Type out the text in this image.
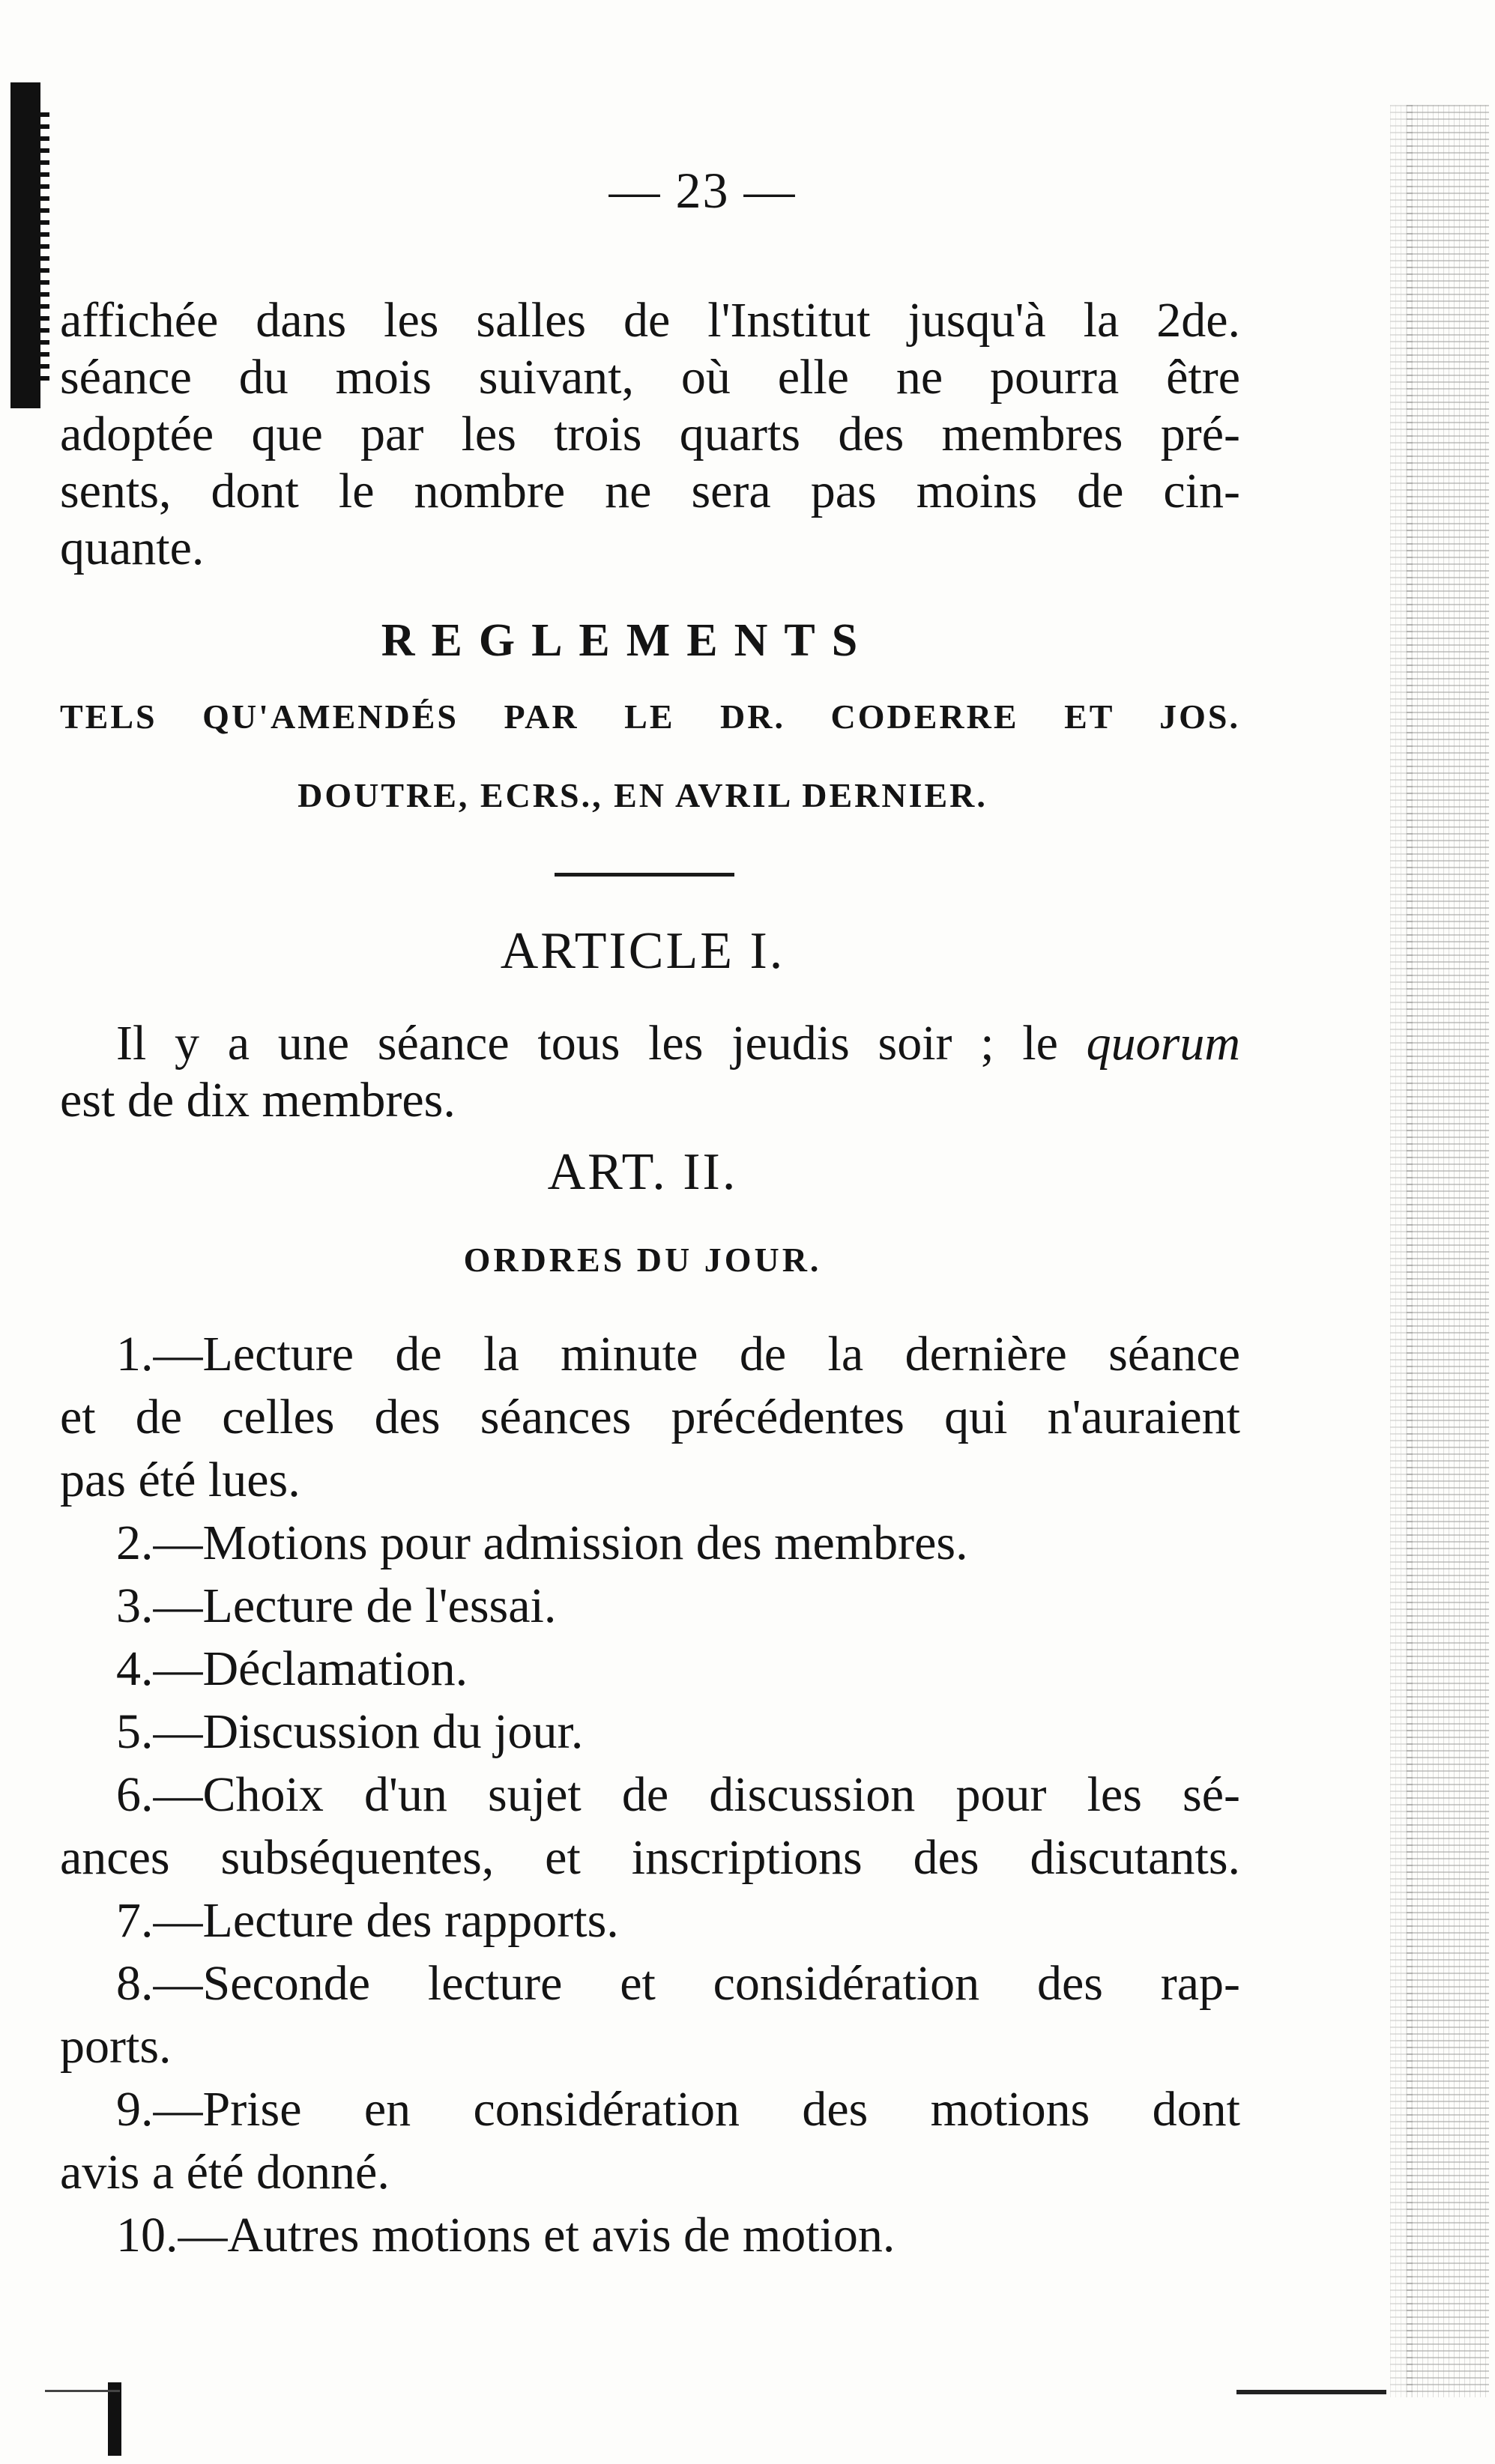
— 23 —
affichée dans les salles de l'Institut jusqu'à la 2de.
séance du mois suivant, où elle ne pourra être
adoptée que par les trois quarts des membres pré-
sents, dont le nombre ne sera pas moins de cin-
quante.
REGLEMENTS
TELS QU'AMENDÉS PAR LE DR. CODERRE ET JOS.
DOUTRE, ECRS., EN AVRIL DERNIER.
ARTICLE I.
Il y a une séance tous les jeudis soir ; le quorum
est de dix membres.
ART. II.
ORDRES DU JOUR.
1.—Lecture de la minute de la dernière séance
et de celles des séances précédentes qui n'auraient
pas été lues.
2.—Motions pour admission des membres.
3.—Lecture de l'essai.
4.—Déclamation.
5.—Discussion du jour.
6.—Choix d'un sujet de discussion pour les sé-
ances subséquentes, et inscriptions des discutants.
7.—Lecture des rapports.
8.—Seconde lecture et considération des rap-
ports.
9.—Prise en considération des motions dont
avis a été donné.
10.—Autres motions et avis de motion.
